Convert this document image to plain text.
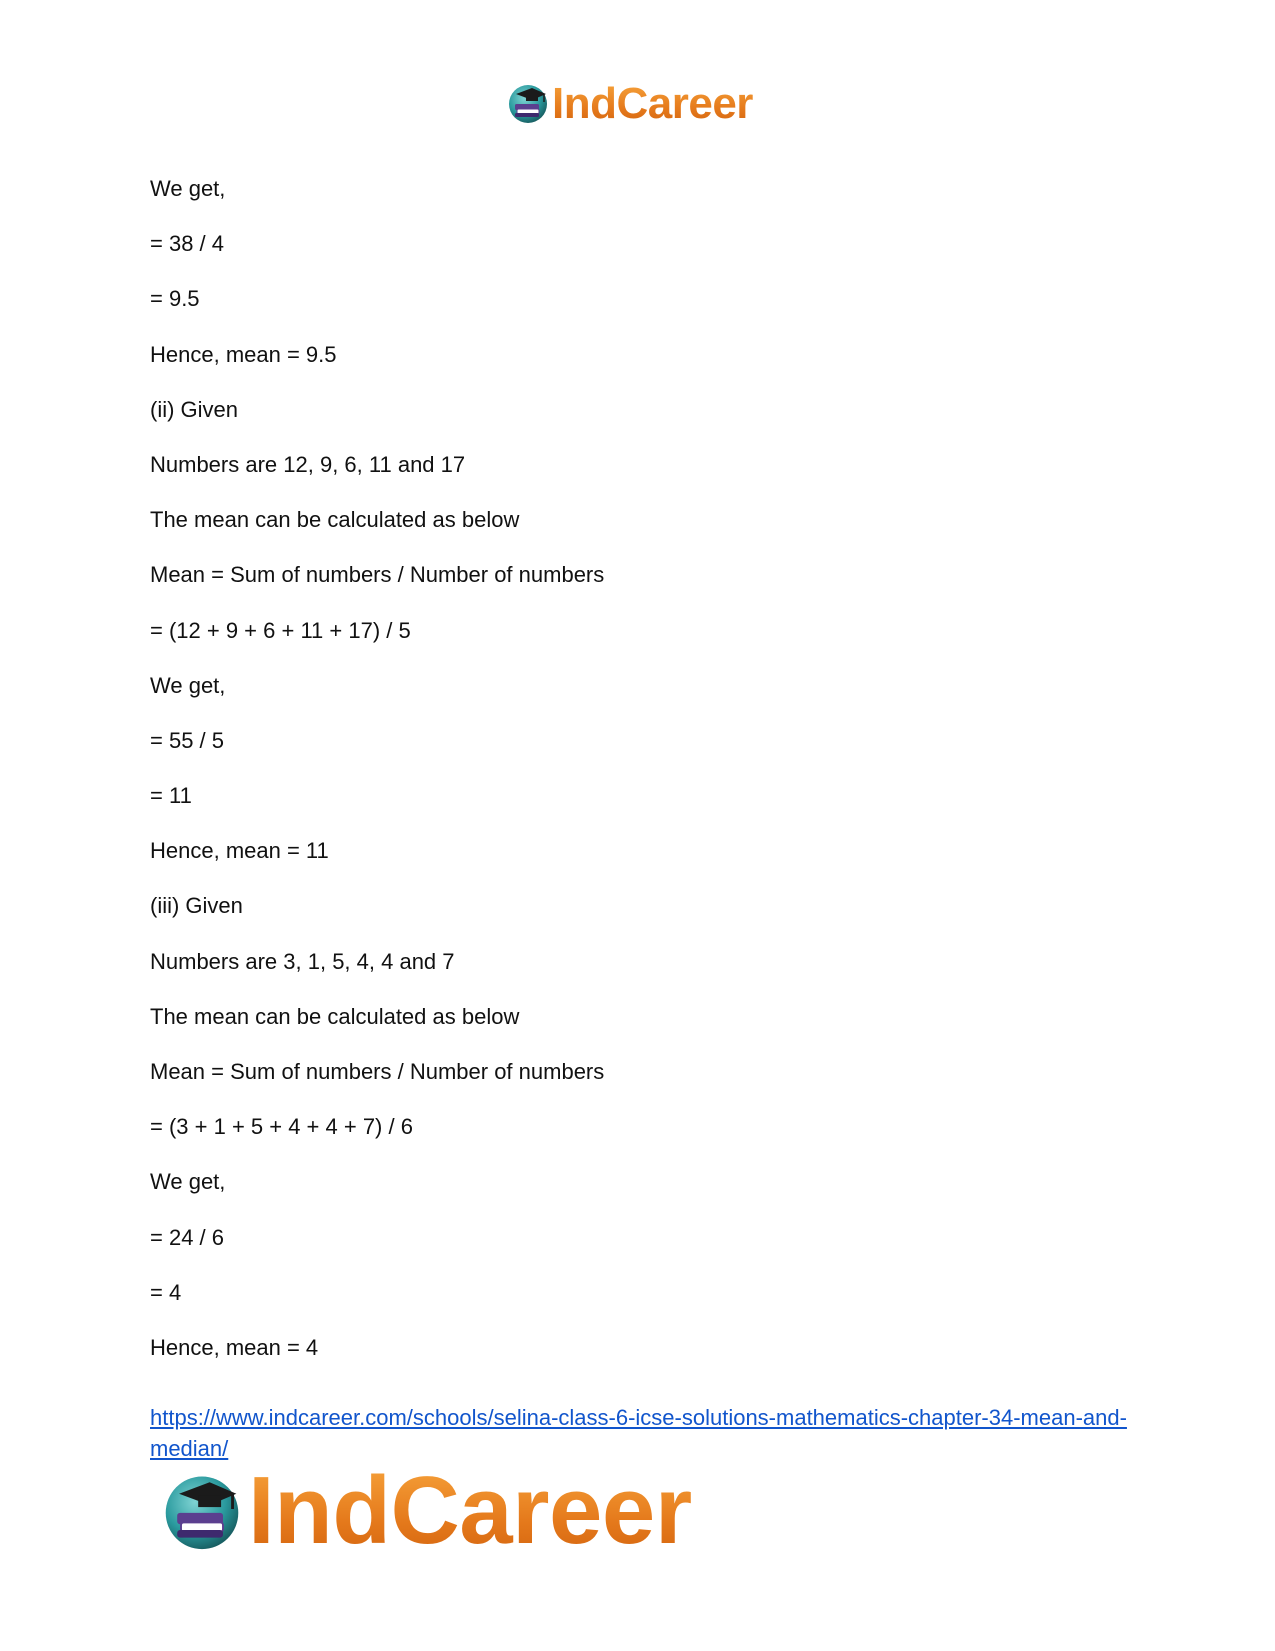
IndCareer

We get,

= 38 / 4

= 9.5

Hence, mean = 9.5

(ii) Given

Numbers are 12, 9, 6, 11 and 17

The mean can be calculated as below

Mean = Sum of numbers / Number of numbers

= (12 + 9 + 6 + 11 + 17) / 5

We get,

= 55 / 5

= 11

Hence, mean = 11

(iii) Given

Numbers are 3, 1, 5, 4, 4 and 7

The mean can be calculated as below

Mean = Sum of numbers / Number of numbers

= (3 + 1 + 5 + 4 + 4 + 7) / 6

We get,

= 24 / 6

= 4

Hence, mean = 4

https://www.indcareer.com/schools/selina-class-6-icse-solutions-mathematics-chapter-34-mean-and-median/
IndCareer
